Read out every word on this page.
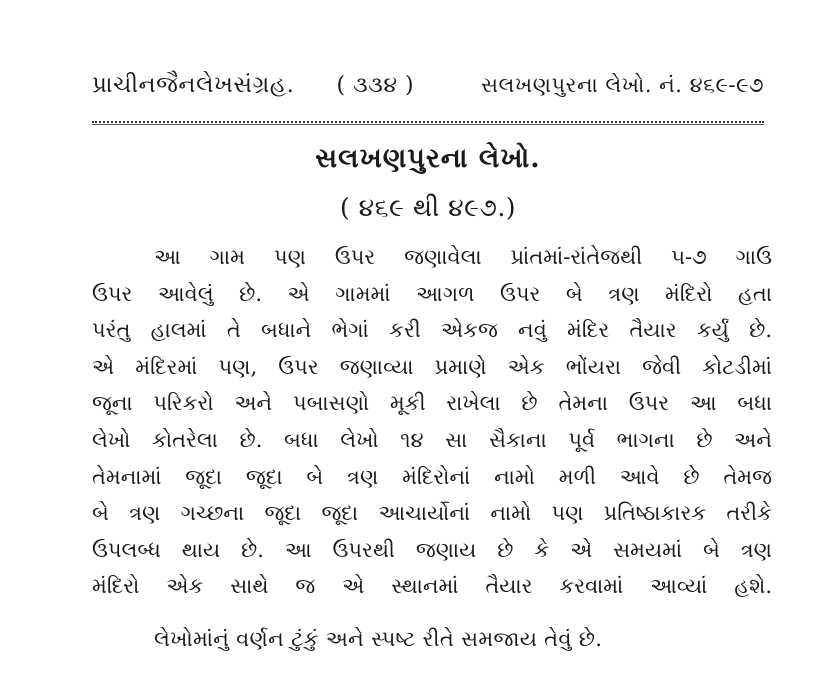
પ્રાચીનજૈનલેખસંગ્રહ. ( ૩૩૪ )	સલખણપુરના લેખો. નં. ૪૬૯-૯૭
સલખણપુરના લેખો.
( ૪૬૯ થી ૪૯૭.)
આ ગામ પણ ઉપર જણાવેલા પ્રાંતમાં-રાંતેજથી ૫-૭ ગાઉ
ઉપર આવેલું છે. એ ગામમાં આગળ ઉપર બે ત્રણ મંદિરો હતા
પરંતુ હાલમાં તે બધાને ભેગાં કરી એકજ નવું મંદિર તૈયાર કર્યું છે.
એ મંદિરમાં પણ, ઉપર જણાવ્યા પ્રમાણે એક ભોંયરા જેવી કોટડીમાં
જૂના પરિકરો અને પબાસણો મૂકી રાખેલા છે તેમના ઉપર આ બધા
લેખો કોતરેલા છે. બધા લેખો ૧૪ સા સૈકાના પૂર્વ ભાગના છે અને
તેમનામાં જૂદા જૂદા બે ત્રણ મંદિરોનાં નામો મળી આવે છે તેમજ
બે ત્રણ ગચ્છના જૂદા જૂદા આચાર્યોનાં નામો પણ પ્રતિષ્ઠાકારક તરીકે
ઉપલબ્ધ થાય છે. આ ઉપરથી જણાય છે કે એ સમયમાં બે ત્રણ
મંદિરો એક સાથે જ એ સ્થાનમાં તૈયાર કરવામાં આવ્યાં હશે.
લેખોમાંનું વર્ણન ટુંકું અને સ્પષ્ટ રીતે સમજાય તેવું છે.
